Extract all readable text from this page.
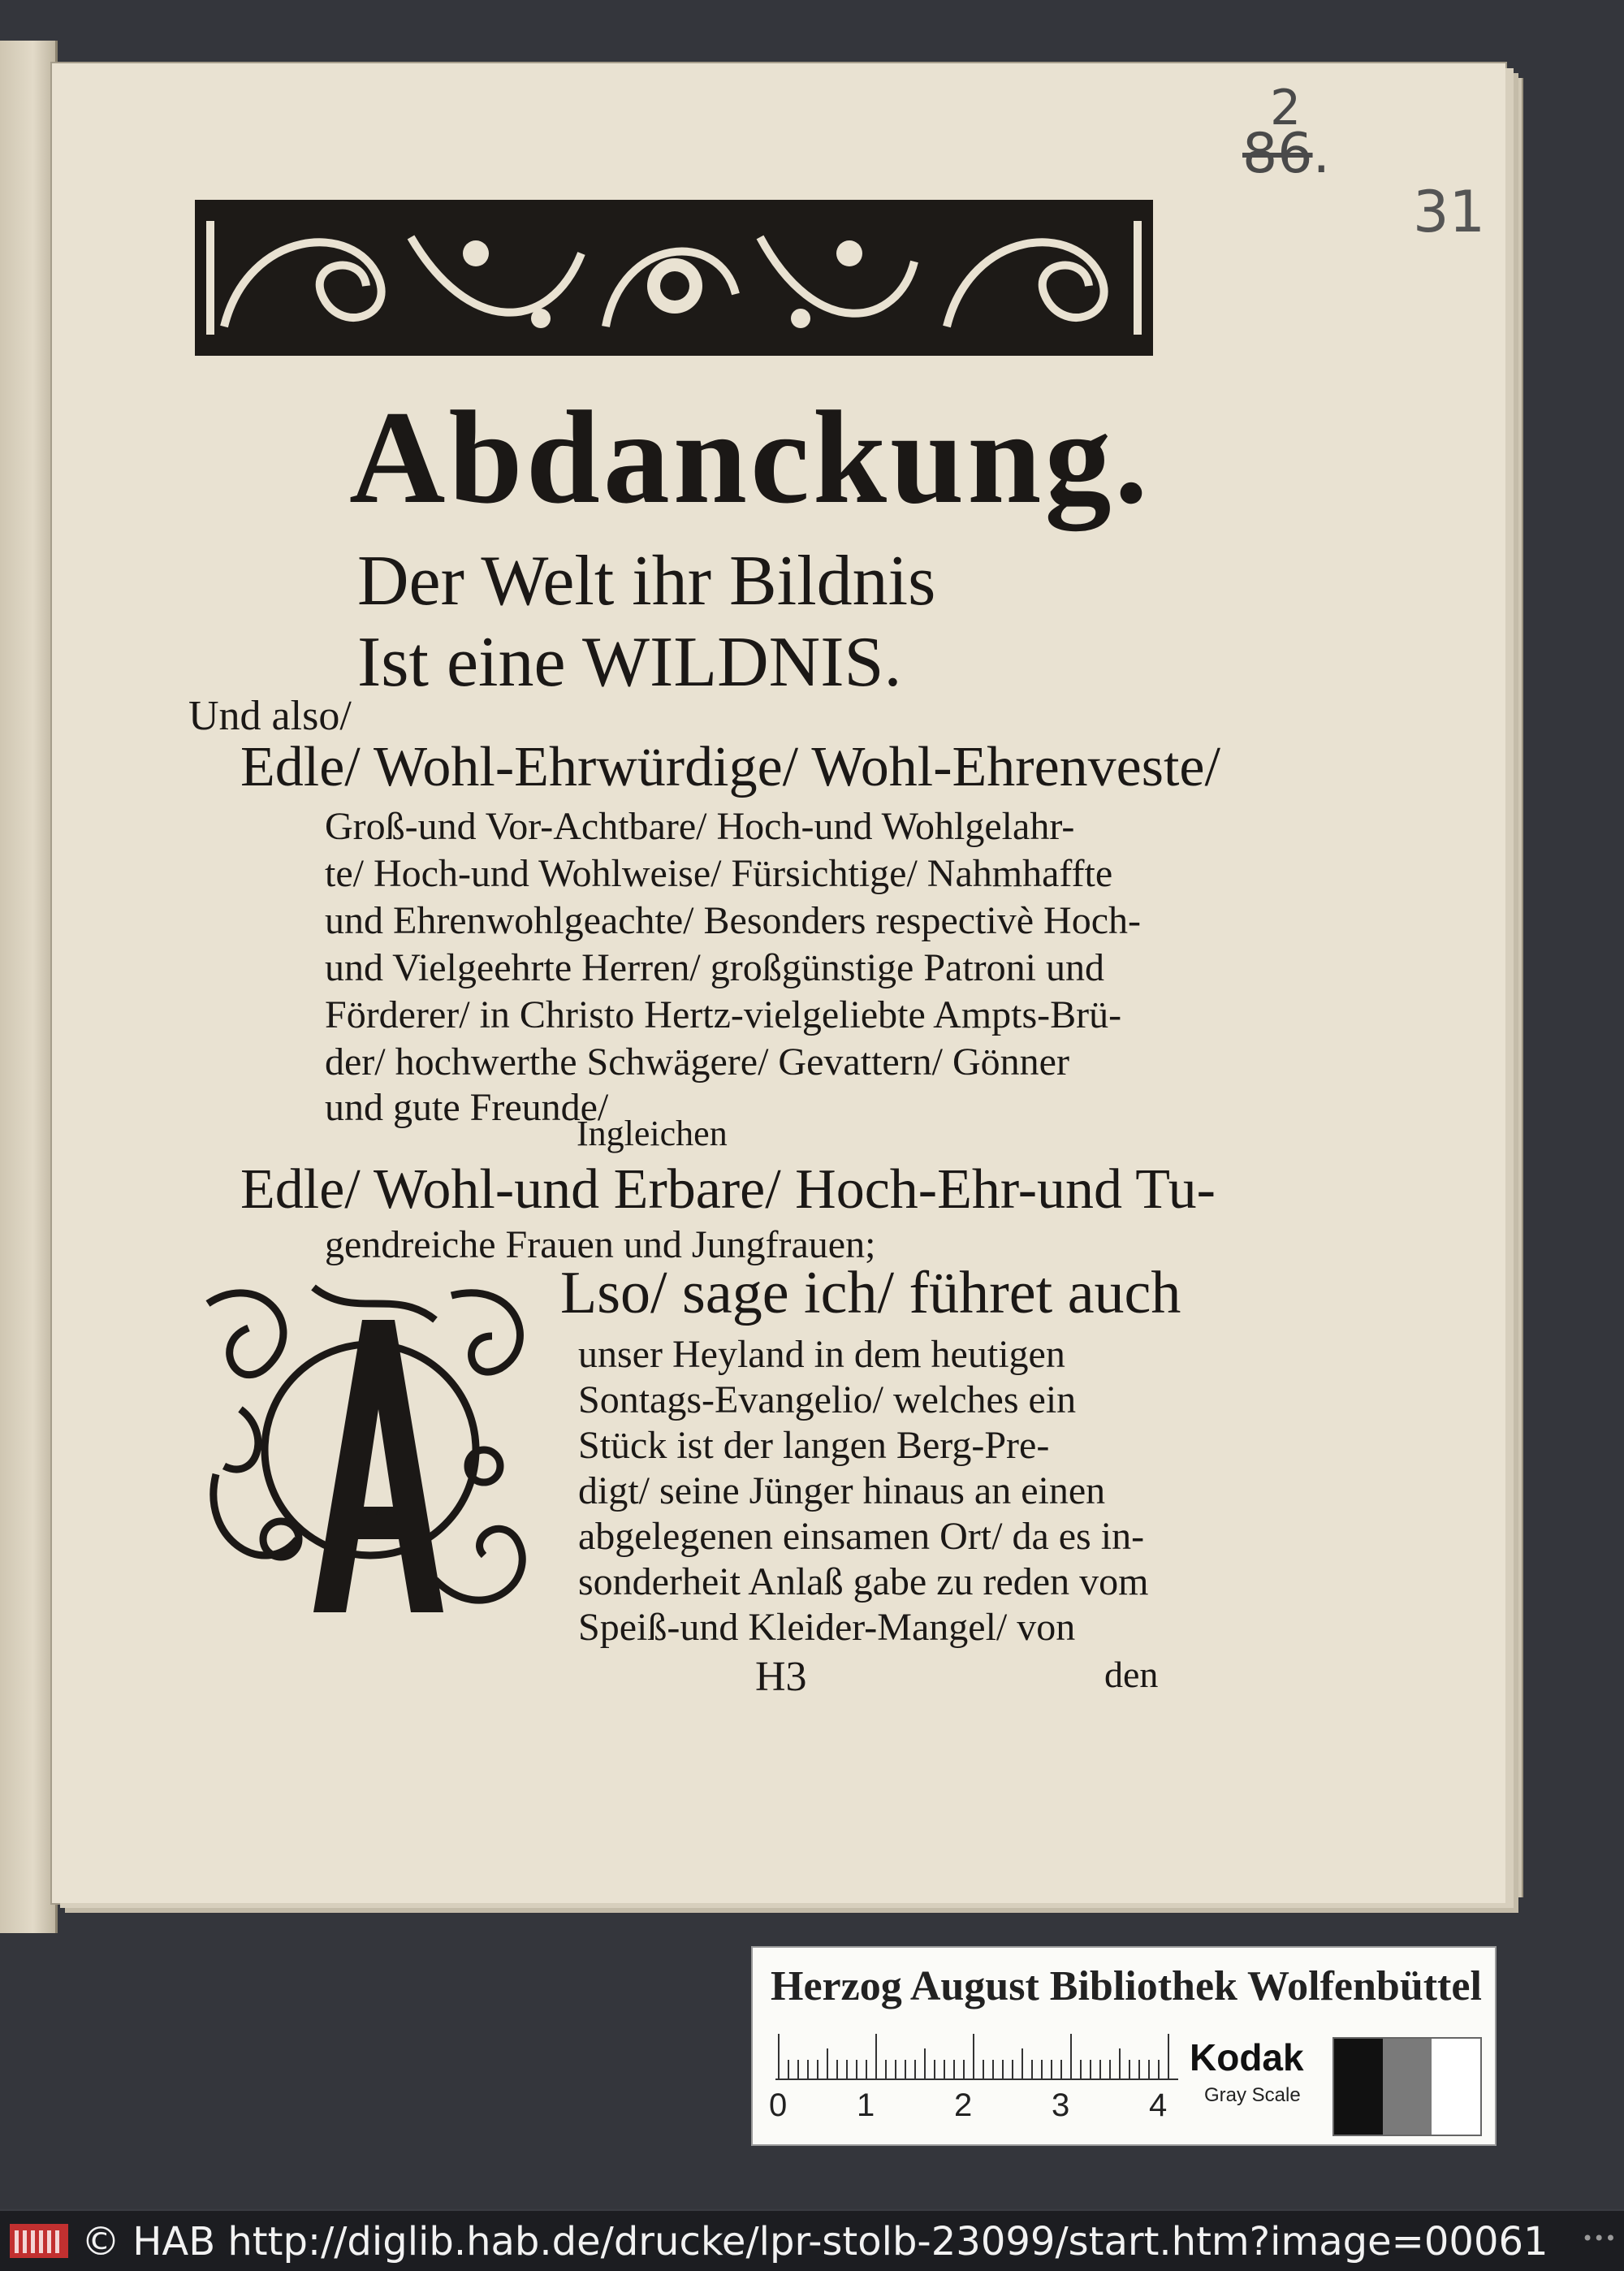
86.
2
31
Abdanckung.
Der Welt ihr Bildnis
Ist eine WILDNIS.
Und also/
Edle/ Wohl-Ehrwürdige/ Wohl-Ehrenveste/
Groß-und Vor-Achtbare/ Hoch-und Wohlgelahr-
te/ Hoch-und Wohlweise/ Fürsichtige/ Nahmhaffte
und Ehrenwohlgeachte/ Besonders respectivè Hoch-
und Vielgeehrte Herren/ großgünstige Patroni und
Förderer/ in Christo Hertz-vielgeliebte Ampts-Brü-
der/ hochwerthe Schwägere/ Gevattern/ Gönner
und gute Freunde/
Ingleichen
Edle/ Wohl-und Erbare/ Hoch-Ehr-und Tu-
gendreiche Frauen und Jungfrauen;
A
Lso/ sage ich/ führet auch
unser Heyland in dem heutigen
Sontags-Evangelio/ welches ein
Stück ist der langen Berg-Pre-
digt/ seine Jünger hinaus an einen
abgelegenen einsamen Ort/ da es in-
sonderheit Anlaß gabe zu reden vom
Speiß-und Kleider-Mangel/ von
H3	den
Herzog August Bibliothek Wolfenbüttel
0 1 2 3 4
Kodak
Gray Scale
© HAB http://diglib.hab.de/drucke/lpr-stolb-23099/start.htm?image=00061 •••
